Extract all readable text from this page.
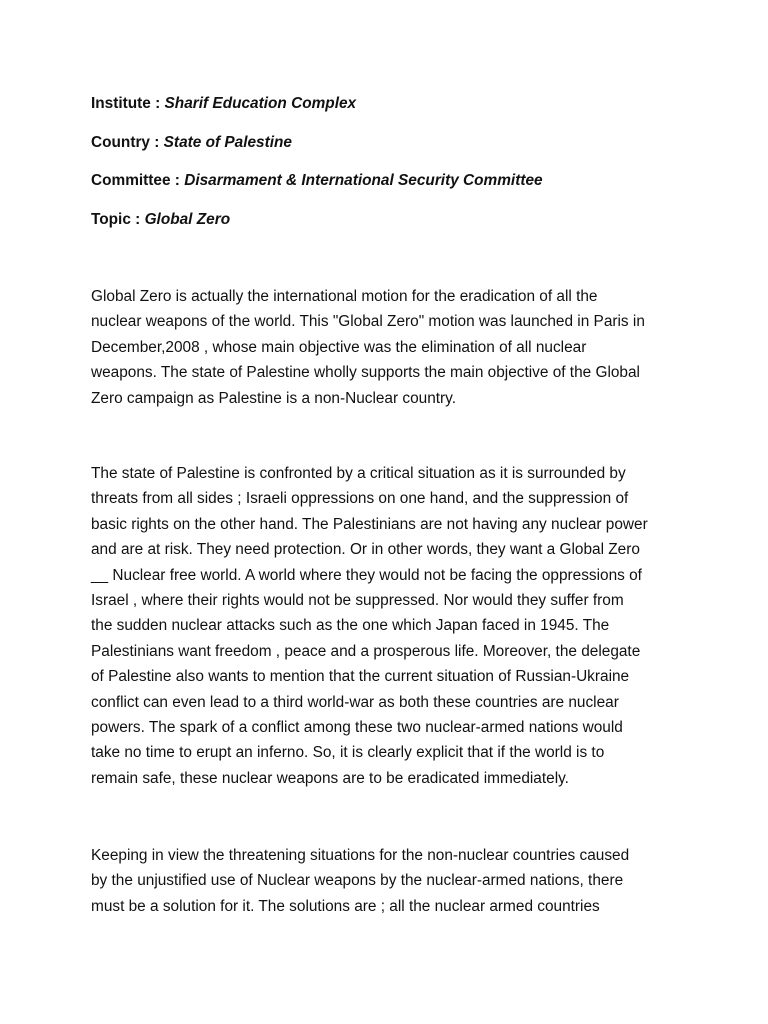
Institute : Sharif Education Complex
Country : State of Palestine
Committee : Disarmament & International Security Committee
Topic : Global Zero

Global Zero is actually the international motion for the eradication of all the
nuclear weapons of the world. This "Global Zero" motion was launched in Paris in
December,2008 , whose main objective was the elimination of all nuclear
weapons. The state of Palestine wholly supports the main objective of the Global
Zero campaign as Palestine is a non-Nuclear country.

The state of Palestine is confronted by a critical situation as it is surrounded by
threats from all sides ; Israeli oppressions on one hand, and the suppression of
basic rights on the other hand. The Palestinians are not having any nuclear power
and are at risk. They need protection. Or in other words, they want a Global Zero
__ Nuclear free world. A world where they would not be facing the oppressions of
Israel , where their rights would not be suppressed. Nor would they suffer from
the sudden nuclear attacks such as the one which Japan faced in 1945. The
Palestinians want freedom , peace and a prosperous life. Moreover, the delegate
of Palestine also wants to mention that the current situation of Russian-Ukraine
conflict can even lead to a third world-war as both these countries are nuclear
powers. The spark of a conflict among these two nuclear-armed nations would
take no time to erupt an inferno. So, it is clearly explicit that if the world is to
remain safe, these nuclear weapons are to be eradicated immediately.

Keeping in view the threatening situations for the non-nuclear countries caused
by the unjustified use of Nuclear weapons by the nuclear-armed nations, there
must be a solution for it. The solutions are ; all the nuclear armed countries
